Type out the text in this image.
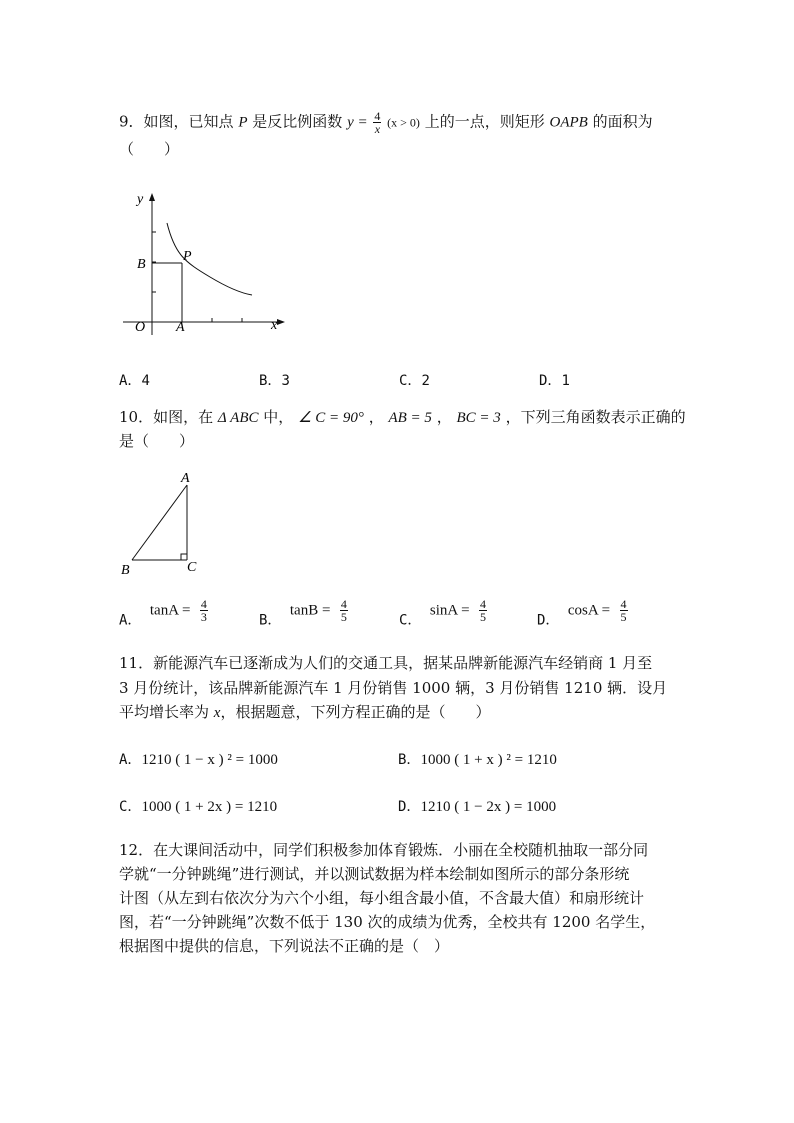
9．如图，已知点 P 是反比例函数 $y = \frac{4}{x} (x > 0)$ 上的一点，则矩形 OAPB 的面积为
（　　）
y
x
O A
B
P
A．4	B．3	C．2	D．1
10．如图，在 Δ ABC 中， ∠ C = 90° ， AB = 5 ， BC = 3 ，下列三角函数表示正确的
是（　　）
A
B	C
A． $\tan A = \frac{4}{3}$	B． $\tan B = \frac{4}{5}$	C． $\sin A = \frac{4}{5}$	D． $\cos A = \frac{4}{5}$
11．新能源汽车已逐渐成为人们的交通工具，据某品牌新能源汽车经销商 1 月至
3 月份统计，该品牌新能源汽车 1 月份销售 1000 辆，3 月份销售 1210 辆．设月
平均增长率为 x，根据题意，下列方程正确的是（　　）
A．1210 ( 1 − x ) ² = 1000	B．1000 ( 1 + x ) ² = 1210
C．1000 ( 1 + 2x ) = 1210	D．1210 ( 1 − 2x ) = 1000
12．在大课间活动中，同学们积极参加体育锻炼．小丽在全校随机抽取一部分同
学就“一分钟跳绳”进行测试，并以测试数据为样本绘制如图所示的部分条形统
计图（从左到右依次分为六个小组，每小组含最小值，不含最大值）和扇形统计
图，若“一分钟跳绳”次数不低于 130 次的成绩为优秀，全校共有 1200 名学生，
根据图中提供的信息，下列说法不正确的是（　）
